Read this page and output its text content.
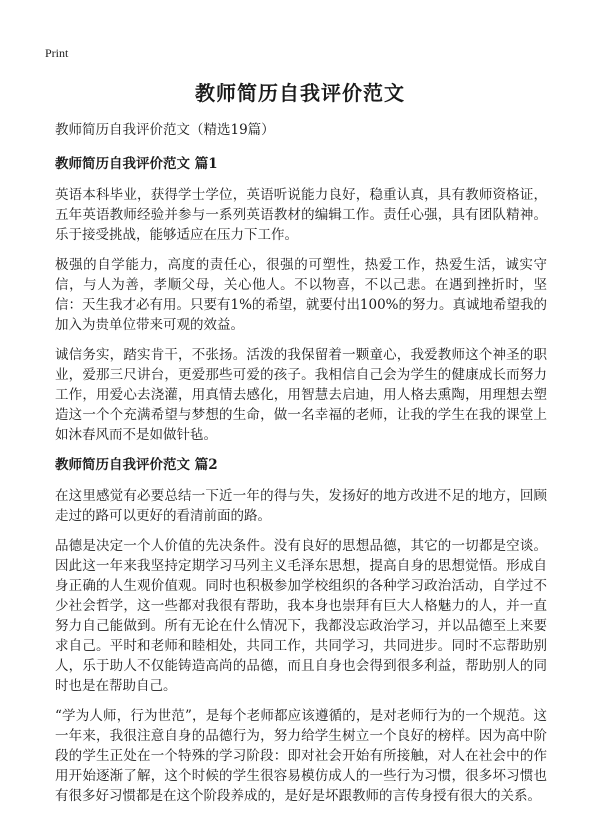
Print
教师简历自我评价范文

教师简历自我评价范文（精选19篇）

教师简历自我评价范文 篇1

英语本科毕业，获得学士学位，英语听说能力良好，稳重认真，具有教师资格证，五年英语教师经验并参与一系列英语教材的编辑工作。责任心强，具有团队精神。乐于接受挑战，能够适应在压力下工作。

极强的自学能力，高度的责任心，很强的可塑性，热爱工作，热爱生活，诚实守信，与人为善，孝顺父母，关心他人。不以物喜，不以己悲。在遇到挫折时，坚信：天生我才必有用。只要有1%的希望，就要付出100%的努力。真诚地希望我的加入为贵单位带来可观的效益。

诚信务实，踏实肯干，不张扬。活泼的我保留着一颗童心，我爱教师这个神圣的职业，爱那三尺讲台，更爱那些可爱的孩子。我相信自己会为学生的健康成长而努力工作，用爱心去浇灌，用真情去感化，用智慧去启迪，用人格去熏陶，用理想去塑造这一个个充满希望与梦想的生命，做一名幸福的老师，让我的学生在我的课堂上如沐春风而不是如做针毡。

教师简历自我评价范文 篇2

在这里感觉有必要总结一下近一年的得与失，发扬好的地方改进不足的地方，回顾走过的路可以更好的看清前面的路。

品德是决定一个人价值的先决条件。没有良好的思想品德，其它的一切都是空谈。因此这一年来我坚持定期学习马列主义毛泽东思想，提高自身的思想觉悟。形成自身正确的人生观价值观。同时也积极参加学校组织的各种学习政治活动，自学过不少社会哲学，这一些都对我很有帮助，我本身也崇拜有巨大人格魅力的人，并一直努力自己能做到。所有无论在什么情况下，我都没忘政治学习，并以品德至上来要求自己。平时和老师和睦相处，共同工作，共同学习，共同进步。同时不忘帮助别人，乐于助人不仅能铸造高尚的品德，而且自身也会得到很多利益，帮助别人的同时也是在帮助自己。

“学为人师，行为世范”，是每个老师都应该遵循的，是对老师行为的一个规范。这一年来，我很注意自身的品德行为，努力给学生树立一个良好的榜样。因为高中阶段的学生正处在一个特殊的学习阶段：即对社会开始有所接触，对人在社会中的作用开始逐渐了解，这个时候的学生很容易模仿成人的一些行为习惯，很多坏习惯也有很多好习惯都是在这个阶段养成的，是好是坏跟教师的言传身授有很大的关系。
